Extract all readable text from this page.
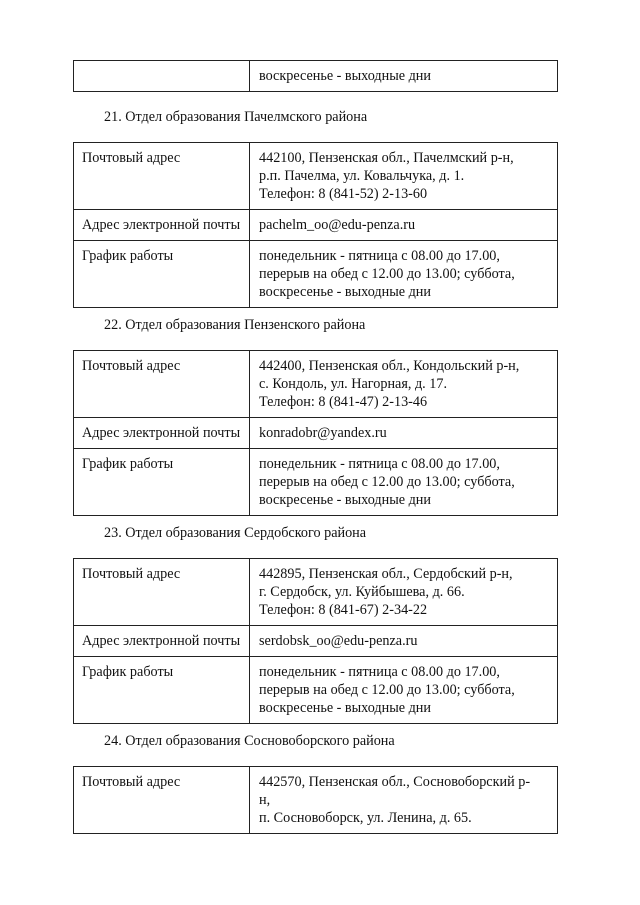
воскресенье - выходные дни
21. Отдел образования Пачелмского района
Почтовый адрес	442100, Пензенская обл., Пачелмский р-н,
р.п. Пачелма, ул. Ковальчука, д. 1.
Телефон: 8 (841-52) 2-13-60

Адрес электронной почты	pachelm_oo@edu-penza.ru
График работы	понедельник - пятница с 08.00 до 17.00,
перерыв на обед с 12.00 до 13.00; суббота,
воскресенье - выходные дни
22. Отдел образования Пензенского района
Почтовый адрес	442400, Пензенская обл., Кондольский р-н,
с. Кондоль, ул. Нагорная, д. 17.
Телефон: 8 (841-47) 2-13-46

Адрес электронной почты	konradobr@yandex.ru
График работы	понедельник - пятница с 08.00 до 17.00,
перерыв на обед с 12.00 до 13.00; суббота,
воскресенье - выходные дни
23. Отдел образования Сердобского района
Почтовый адрес	442895, Пензенская обл., Сердобский р-н,
г. Сердобск, ул. Куйбышева, д. 66.
Телефон: 8 (841-67) 2-34-22

Адрес электронной почты	serdobsk_oo@edu-penza.ru
График работы	понедельник - пятница с 08.00 до 17.00,
перерыв на обед с 12.00 до 13.00; суббота,
воскресенье - выходные дни
24. Отдел образования Сосновоборского района
Почтовый адрес	442570, Пензенская обл., Сосновоборский р-
н,
п. Сосновоборск, ул. Ленина, д. 65.
